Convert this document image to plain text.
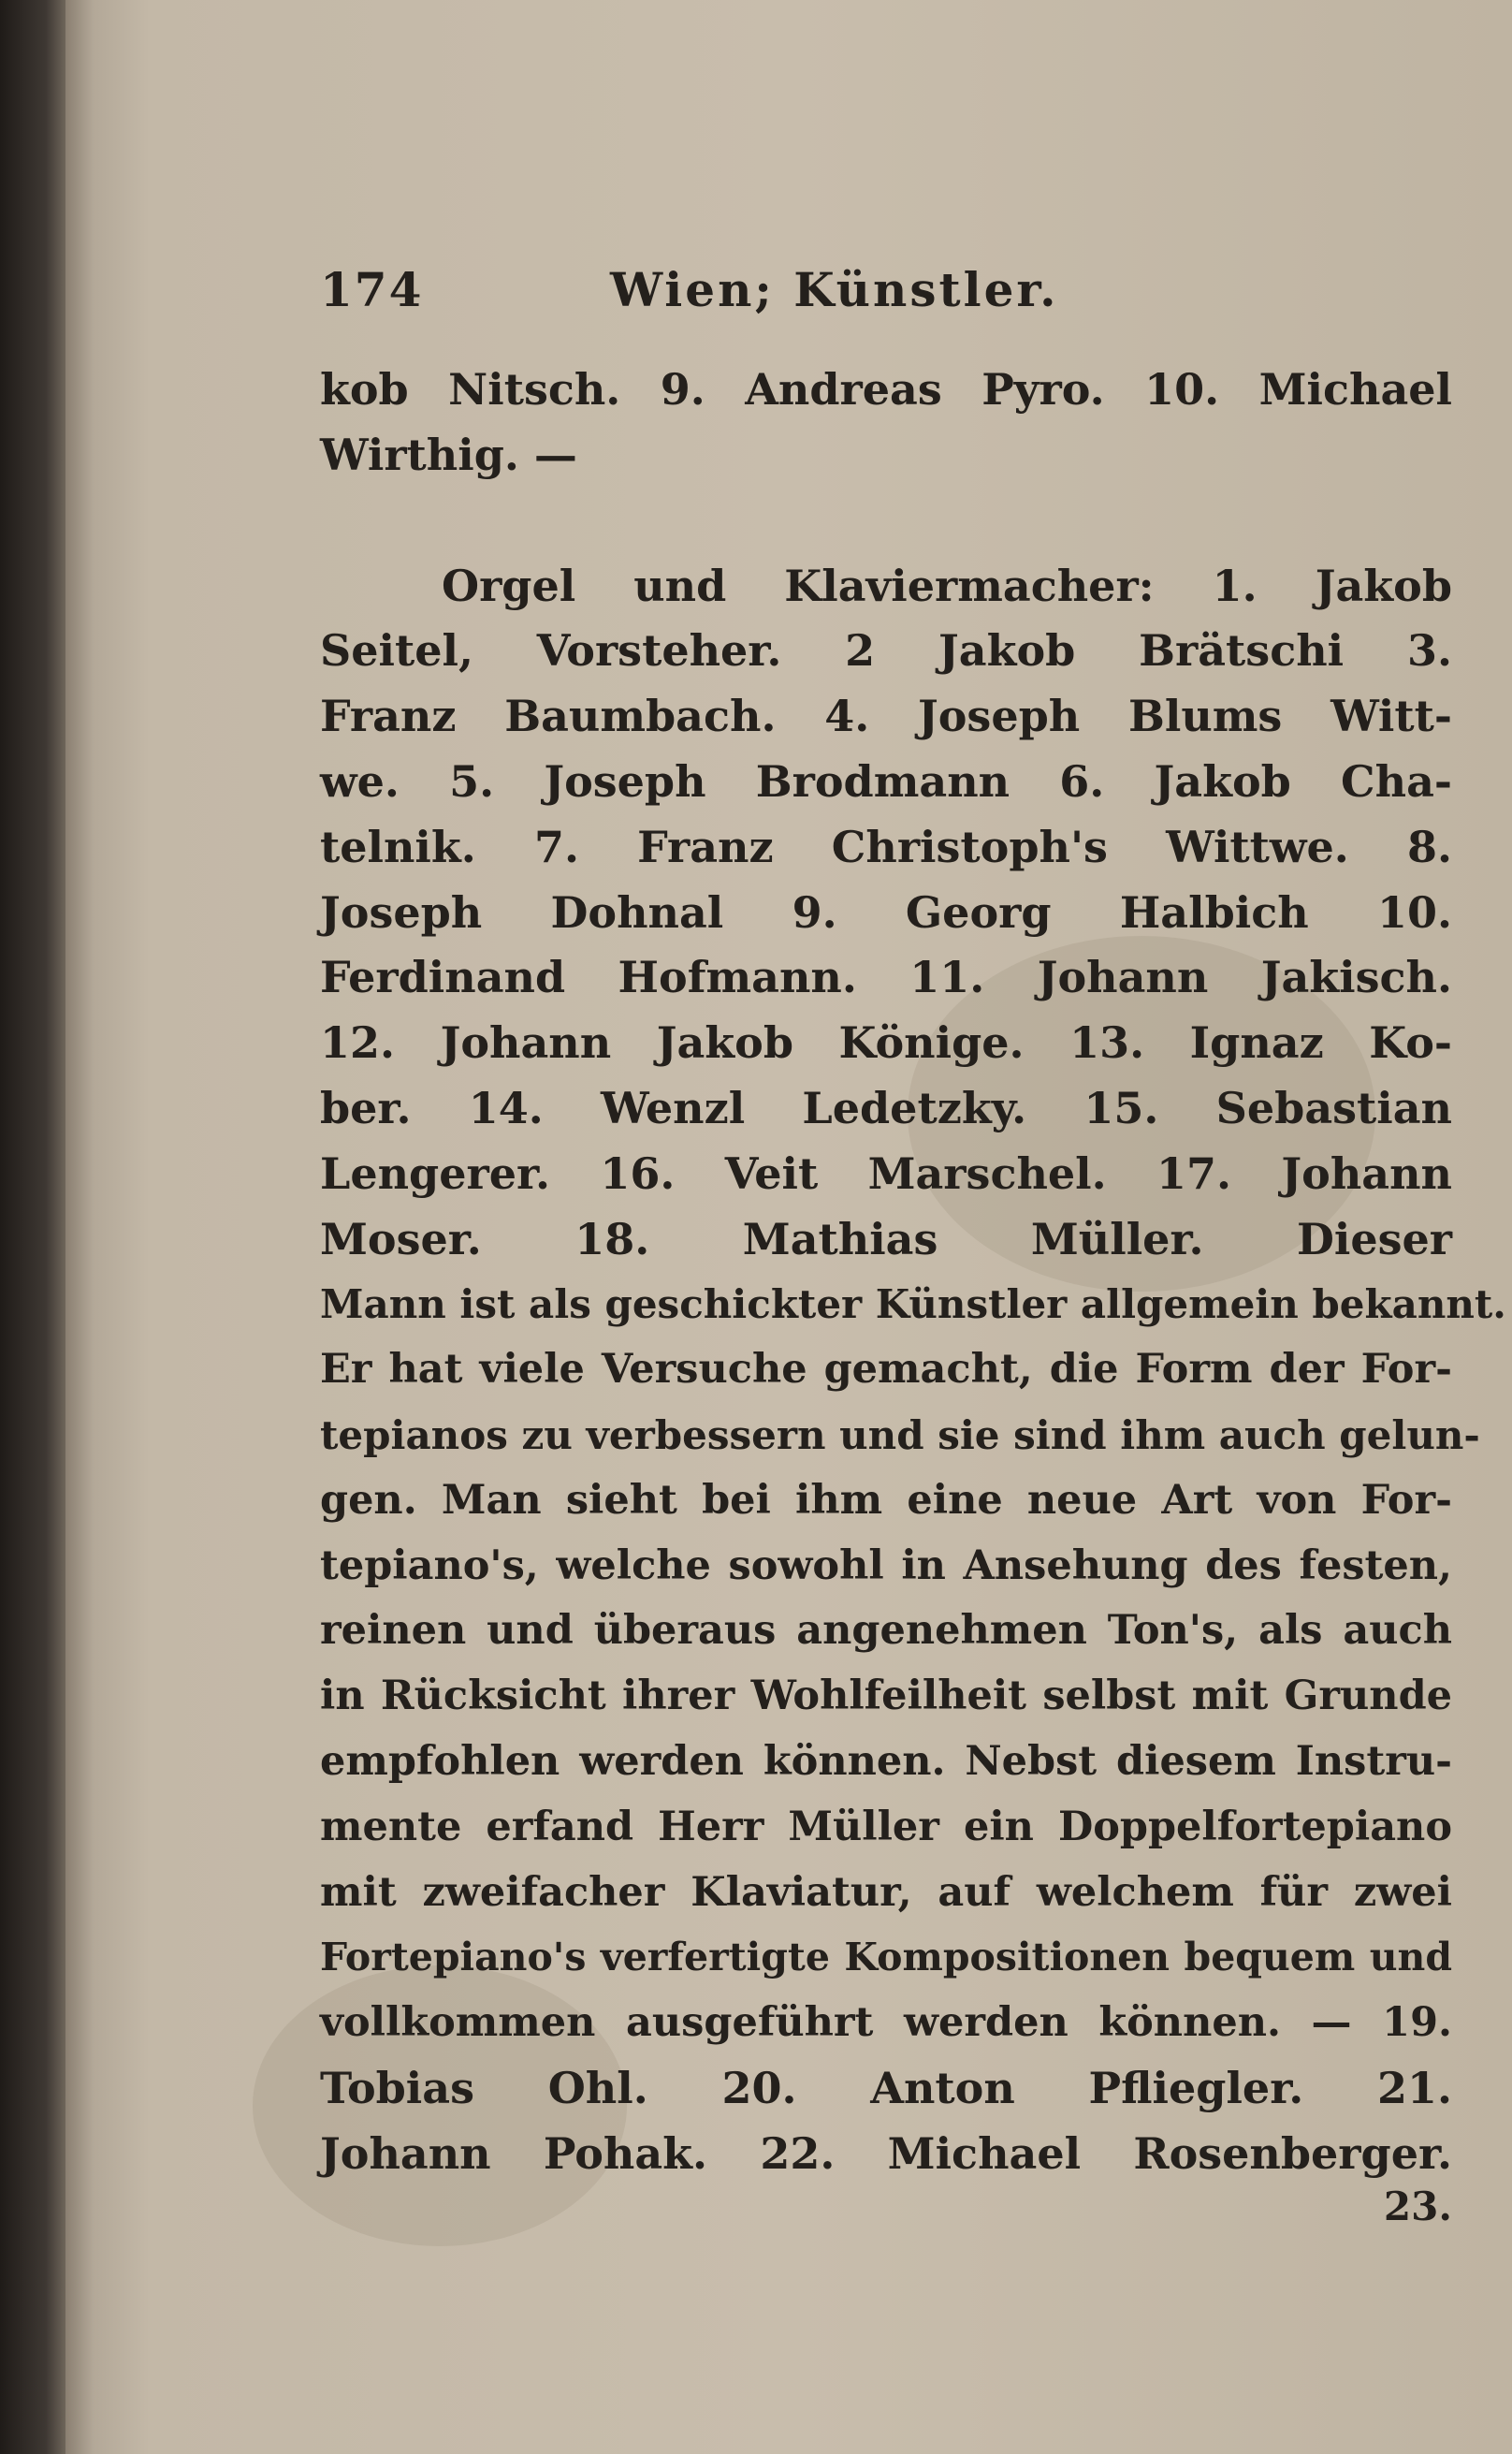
174	Wien; Künstler.
kob Nitsch. 9. Andreas Pyro. 10. Michael
Wirthig. —
Orgel und Klaviermacher: 1. Jakob
Seitel, Vorsteher. 2 Jakob Brätschi 3.
Franz Baumbach. 4. Joseph Blums Witt-
we. 5. Joseph Brodmann 6. Jakob Cha-
telnik. 7. Franz Christoph's Wittwe. 8.
Joseph Dohnal 9. Georg Halbich 10.
Ferdinand Hofmann. 11. Johann Jakisch.
12. Johann Jakob Könige. 13. Ignaz Ko-
ber. 14. Wenzl Ledetzky. 15. Sebastian
Lengerer. 16. Veit Marschel. 17. Johann
Moser. 18. Mathias Müller. Dieser
Mann ist als geschickter Künstler allgemein bekannt.
Er hat viele Versuche gemacht, die Form der For-
tepianos zu verbessern und sie sind ihm auch gelun-
gen. Man sieht bei ihm eine neue Art von For-
tepiano's, welche sowohl in Ansehung des festen,
reinen und überaus angenehmen Ton's, als auch
in Rücksicht ihrer Wohlfeilheit selbst mit Grunde
empfohlen werden können. Nebst diesem Instru-
mente erfand Herr Müller ein Doppelfortepiano
mit zweifacher Klaviatur, auf welchem für zwei
Fortepiano's verfertigte Kompositionen bequem und
vollkommen ausgeführt werden können. — 19.
Tobias Ohl. 20. Anton Pfliegler. 21.
Johann Pohak. 22. Michael Rosenberger.
23.
